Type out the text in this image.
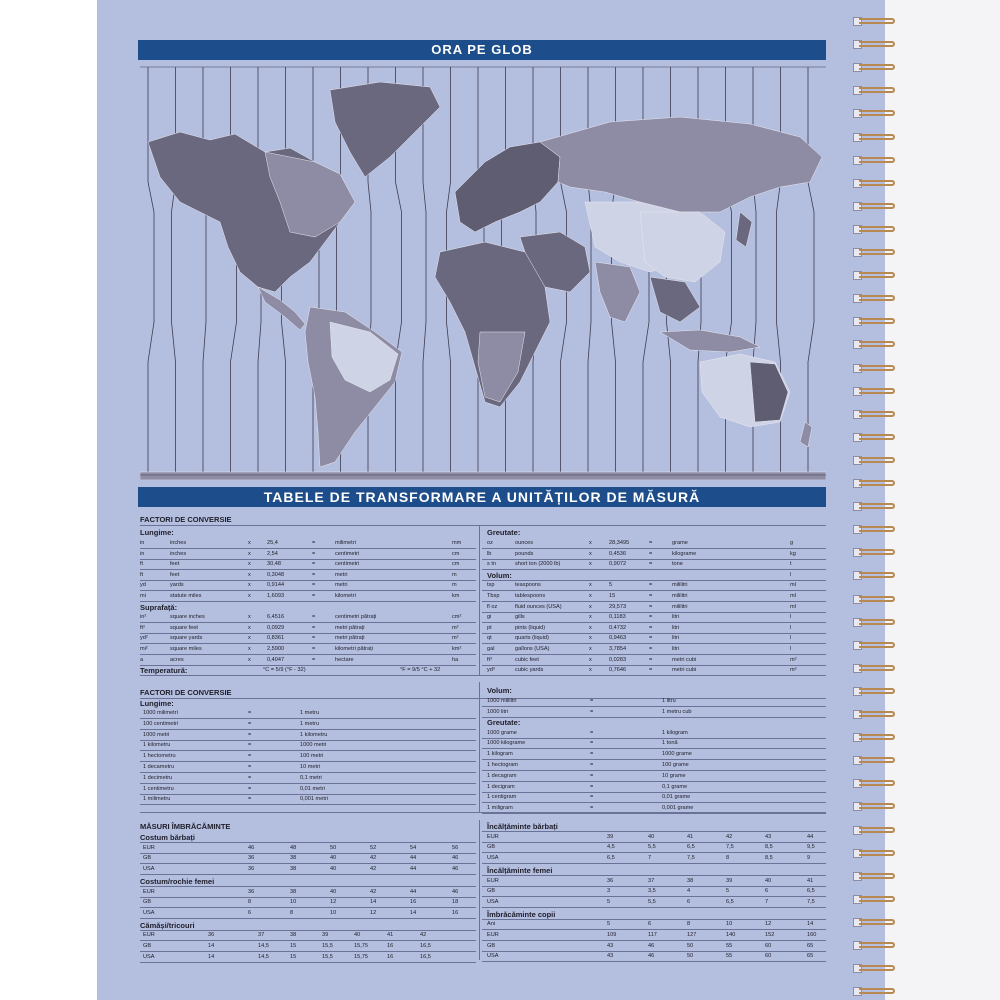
ORA PE GLOB
TABELE DE TRANSFORMARE A UNITĂȚILOR DE MĂSURĂ
FACTORI DE CONVERSIE
Lungime:
in	inches	x	25,4	=	milimetri	mm
in	inches	x	2,54	=	centimetri	cm
ft	feet	x	30,48	=	centimetri	cm
ft	feet	x	0,3048	=	metri	m
yd	yards	x	0,9144	=	metri	m
mi	statute miles	x	1,6093	=	kilometri	km
Suprafață:
in²	square inches	x	6,4516	=	centimetri pătrați	cm²
ft²	square feet	x	0,0929	=	metri pătrați	m²
yd²	square yards	x	0,8361	=	metri pătrați	m²
mi²	square miles	x	2,5900	=	kilometri pătrați	km²
a	acres	x	0,4047	=	hectare	ha
Temperatură:	°C = 5/9 (°F - 32)	°F = 9/5 °C + 32
Greutate:
oz	ounces	x	28,3495	=	grame	g
lb	pounds	x	0,4536	=	kilograme	kg
s tn	short ton (2000 lb)	x	0,9072	=	tone	t
Volum:	l
tsp	teaspoons	x	5	=	mililitri	ml
Tbsp	tablespoons	x	15	=	mililitri	ml
fl oz	fluid ounces (USA)	x	29,573	=	mililitri	ml
gi	gills	x	0,1183	=	litri	l
pt	pints (liquid)	x	0,4732	=	litri	l
qt	quarts (liquid)	x	0,9463	=	litri	l
gal	gallons (USA)	x	3,7854	=	litri	l
ft³	cubic feet	x	0,0283	=	metri cubi	m³
yd³	cubic yards	x	0,7646	=	metri cubi	m³
FACTORI DE CONVERSIE
Lungime:
1000 milimetri	=	1 metru
100 centimetri	=	1 metru
1000 metri	=	1 kilometru
1 kilometru	=	1000 metri
1 hectometru	=	100 metri
1 decametru	=	10 metri
1 decimetru	=	0,1 metri
1 centimetru	=	0,01 metri
1 milimetru	=	0,001 metri
Volum:
1000 mililitri	=	1 litru
1000 litri	=	1 metru cub
Greutate:
1000 grame	=	1 kilogram
1000 kilograme	=	1 tonă
1 kilogram	=	1000 grame
1 hectogram	=	100 grame
1 decagram	=	10 grame
1 decigram	=	0,1 grame
1 centigram	=	0,01 grame
1 miligram	=	0,001 grame
MĂSURI ÎMBRĂCĂMINTE
Costum bărbați
EUR	46	48	50	52	54	56
GB	36	38	40	42	44	46
USA	36	38	40	42	44	46
Costum/rochie femei
EUR	36	38	40	42	44	46
GB	8	10	12	14	16	18
USA	6	8	10	12	14	16
Cămăși/tricouri
EUR	36	37	38	39	40	41	42
GB	14	14,5	15	15,5	15,75	16	16,5
USA	14	14,5	15	15,5	15,75	16	16,5
Încălțăminte bărbați
EUR	39	40	41	42	43	44
GB	4,5	5,5	6,5	7,5	8,5	9,5
USA	6,5	7	7,5	8	8,5	9
Încălțăminte femei
EUR	36	37	38	39	40	41
GB	3	3,5	4	5	6	6,5
USA	5	5,5	6	6,5	7	7,5
Îmbrăcăminte copii
Ani	5	6	8	10	12	14
EUR	109	117	127	140	152	160
GB	43	46	50	55	60	65
USA	43	46	50	55	60	65
